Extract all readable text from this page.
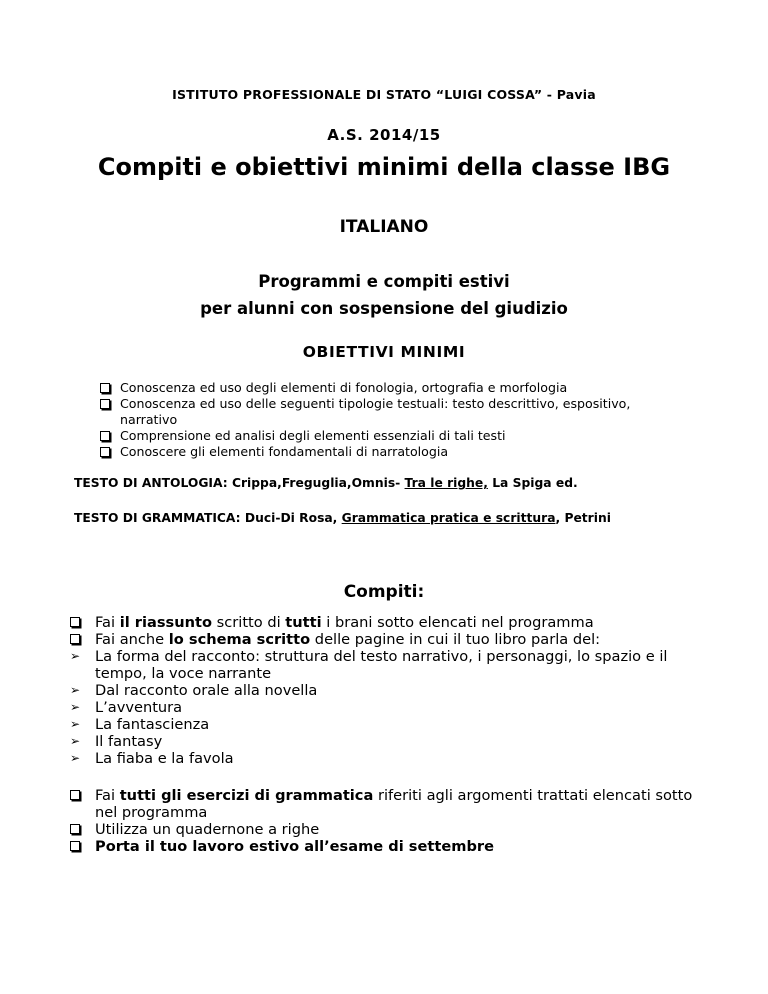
ISTITUTO PROFESSIONALE DI STATO “LUIGI COSSA” - Pavia
A.S. 2014/15
Compiti e obiettivi minimi della classe IBG
ITALIANO
Programmi e compiti estivi
per alunni con sospensione del giudizio
OBIETTIVI MINIMI
Conoscenza ed uso degli elementi di fonologia, ortografia e morfologia
Conoscenza ed uso delle seguenti tipologie testuali: testo descrittivo, espositivo, narrativo
Comprensione ed analisi degli elementi essenziali di tali testi
Conoscere gli elementi fondamentali di narratologia
TESTO DI ANTOLOGIA: Crippa,Freguglia,Omnis- Tra le righe, La Spiga ed.
TESTO DI GRAMMATICA: Duci-Di Rosa, Grammatica pratica e scrittura, Petrini
Compiti:
Fai il riassunto scritto di tutti i brani sotto elencati nel programma
Fai anche lo schema scritto delle pagine in cui il tuo libro parla del:
➢ La forma del racconto: struttura del testo narrativo, i personaggi, lo spazio e il tempo, la voce narrante
➢ Dal racconto orale alla novella
➢ L’avventura
➢ La fantascienza
➢ Il fantasy
➢ La fiaba e la favola
Fai tutti gli esercizi di grammatica riferiti agli argomenti trattati elencati sotto nel programma
Utilizza un quadernone a righe
Porta il tuo lavoro estivo all’esame di settembre
